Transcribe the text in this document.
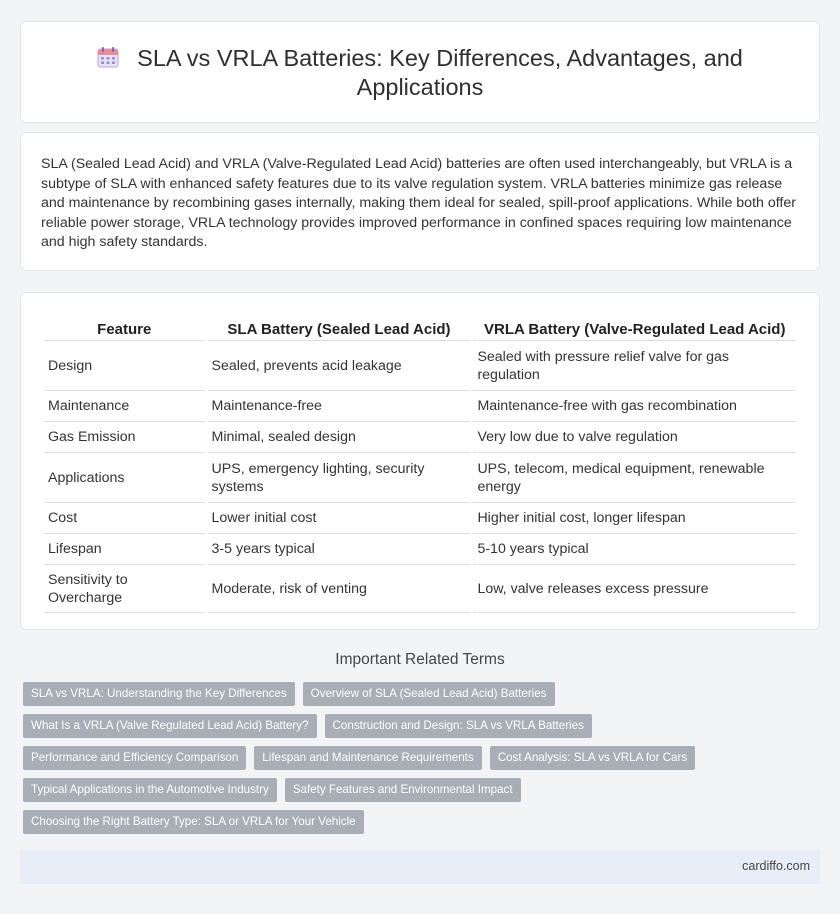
SLA vs VRLA Batteries: Key Differences, Advantages, and
Applications

SLA (Sealed Lead Acid) and VRLA (Valve-Regulated Lead Acid) batteries are often used interchangeably, but VRLA is a subtype of SLA with enhanced safety features due to its valve regulation system. VRLA batteries minimize gas release and maintenance by recombining gases internally, making them ideal for sealed, spill-proof applications. While both offer reliable power storage, VRLA technology provides improved performance in confined spaces requiring low maintenance and high safety standards.

Feature	SLA Battery (Sealed Lead Acid)	VRLA Battery (Valve-Regulated Lead Acid)
Design	Sealed, prevents acid leakage	Sealed with pressure relief valve for gas regulation
Maintenance	Maintenance-free	Maintenance-free with gas recombination
Gas Emission	Minimal, sealed design	Very low due to valve regulation
Applications	UPS, emergency lighting, security systems	UPS, telecom, medical equipment, renewable energy
Cost	Lower initial cost	Higher initial cost, longer lifespan
Lifespan	3-5 years typical	5-10 years typical
Sensitivity to Overcharge	Moderate, risk of venting	Low, valve releases excess pressure
Important Related Terms
SLA vs VRLA: Understanding the Key Differences	Overview of SLA (Sealed Lead Acid) Batteries
What Is a VRLA (Valve Regulated Lead Acid) Battery?	Construction and Design: SLA vs VRLA Batteries
Performance and Efficiency Comparison	Lifespan and Maintenance Requirements	Cost Analysis: SLA vs VRLA for Cars
Typical Applications in the Automotive Industry	Safety Features and Environmental Impact
Choosing the Right Battery Type: SLA or VRLA for Your Vehicle
cardiffo.com
